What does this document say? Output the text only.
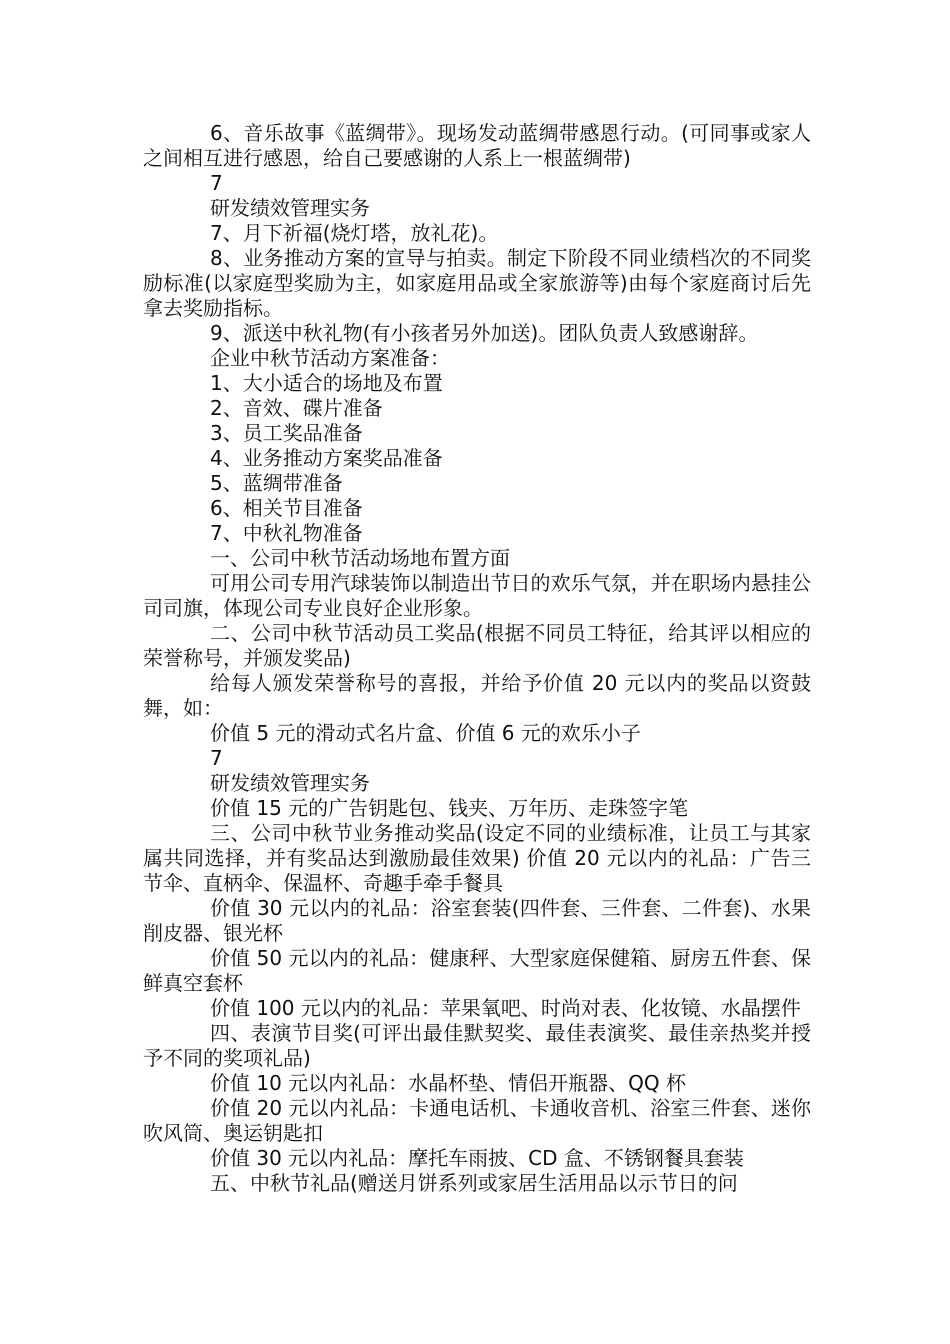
6、音乐故事《蓝绸带》。现场发动蓝绸带感恩行动。(可同事或家人之间相互进行感恩，给自己要感谢的人系上一根蓝绸带)

7

研发绩效管理实务

7、月下祈福(烧灯塔，放礼花)。

8、业务推动方案的宣导与拍卖。制定下阶段不同业绩档次的不同奖励标准(以家庭型奖励为主，如家庭用品或全家旅游等)由每个家庭商讨后先拿去奖励指标。

9、派送中秋礼物(有小孩者另外加送)。团队负责人致感谢辞。

企业中秋节活动方案准备：

1、大小适合的场地及布置

2、音效、碟片准备

3、员工奖品准备

4、业务推动方案奖品准备

5、蓝绸带准备

6、相关节目准备

7、中秋礼物准备

一、公司中秋节活动场地布置方面

可用公司专用汽球装饰以制造出节日的欢乐气氛，并在职场内悬挂公司司旗，体现公司专业良好企业形象。

二、公司中秋节活动员工奖品(根据不同员工特征，给其评以相应的荣誉称号，并颁发奖品)

给每人颁发荣誉称号的喜报，并给予价值 20 元以内的奖品以资鼓舞，如：

价值 5 元的滑动式名片盒、价值 6 元的欢乐小子

7

研发绩效管理实务

价值 15 元的广告钥匙包、钱夹、万年历、走珠签字笔

三、公司中秋节业务推动奖品(设定不同的业绩标准，让员工与其家属共同选择，并有奖品达到激励最佳效果) 价值 20 元以内的礼品：广告三节伞、直柄伞、保温杯、奇趣手牵手餐具

价值 30 元以内的礼品：浴室套装(四件套、三件套、二件套)、水果削皮器、银光杯

价值 50 元以内的礼品：健康秤、大型家庭保健箱、厨房五件套、保鲜真空套杯

价值 100 元以内的礼品：苹果氧吧、时尚对表、化妆镜、水晶摆件

四、表演节目奖(可评出最佳默契奖、最佳表演奖、最佳亲热奖并授予不同的奖项礼品)

价值 10 元以内礼品：水晶杯垫、情侣开瓶器、QQ 杯

价值 20 元以内礼品：卡通电话机、卡通收音机、浴室三件套、迷你吹风筒、奥运钥匙扣

价值 30 元以内礼品：摩托车雨披、CD 盒、不锈钢餐具套装

五、中秋节礼品(赠送月饼系列或家居生活用品以示节日的问
